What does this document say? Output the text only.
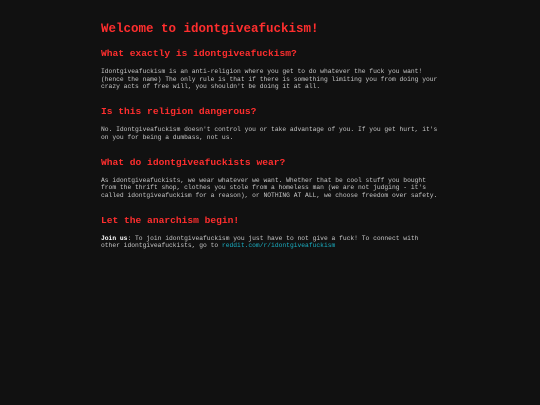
Welcome to idontgiveafuckism!
What exactly is idontgiveafuckism?

Idontgiveafuckism is an anti-religion where you get to do whatever the fuck you want! (hence the name) The only rule is that if there is something limiting you from doing your crazy acts of free will, you shouldn't be doing it at all.

Is this religion dangerous?

No. Idontgiveafuckism doesn't control you or take advantage of you. If you get hurt, it's on you for being a dumbass, not us.

What do idontgiveafuckists wear?

As idontgiveafuckists, we wear whatever we want. Whether that be cool stuff you bought from the thrift shop, clothes you stole from a homeless man (we are not judging - it's called idontgiveafuckism for a reason), or NOTHING AT ALL, we choose freedom over safety.

Let the anarchism begin!

Join us: To join idontgiveafuckism you just have to not give a fuck! To connect with other idontgiveafuckists, go to reddit.com/r/idontgiveafuckism
